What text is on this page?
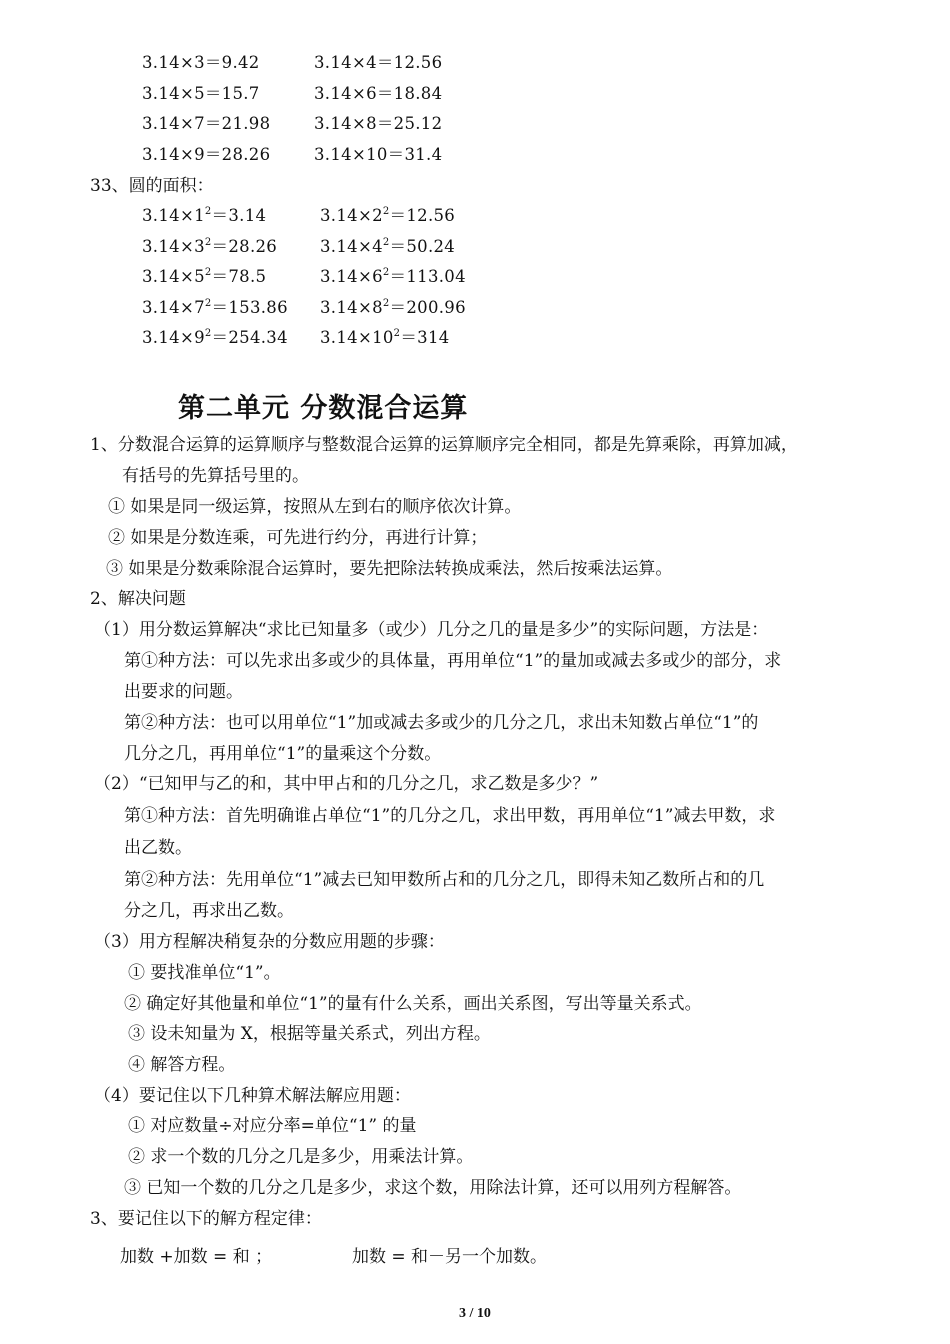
3.14×3＝9.42	3.14×4＝12.56
3.14×5＝15.7	3.14×6＝18.84
3.14×7＝21.98	3.14×8＝25.12
3.14×9＝28.26	3.14×10＝31.4
33、圆的面积：
$3.14\times 1^2=3.14$	$3.14\times 2^2=12.56$
$3.14\times 3^2=28.26$	$3.14\times 4^2=50.24$
$3.14\times 5^2=78.5$	$3.14\times 6^2=113.04$
$3.14\times 7^2=153.86$ $3.14\times 8^2=200.96$
$3.14\times 9^2=254.34$ $3.14\times 10^2=314$
第二单元 分数混合运算
1、分数混合运算的运算顺序与整数混合运算的运算顺序完全相同，都是先算乘除，再算加减，
有括号的先算括号里的。
① 如果是同一级运算，按照从左到右的顺序依次计算。
② 如果是分数连乘，可先进行约分，再进行计算；
③ 如果是分数乘除混合运算时，要先把除法转换成乘法，然后按乘法运算。
2、解决问题
（1）用分数运算解决“求比已知量多（或少）几分之几的量是多少”的实际问题，方法是：
第①种方法：可以先求出多或少的具体量，再用单位“1”的量加或减去多或少的部分，求
出要求的问题。
第②种方法：也可以用单位“1”加或减去多或少的几分之几，求出未知数占单位“1”的
几分之几，再用单位“1”的量乘这个分数。
（2）“已知甲与乙的和，其中甲占和的几分之几，求乙数是多少？”
第①种方法：首先明确谁占单位“1”的几分之几，求出甲数，再用单位“1”减去甲数，求
出乙数。
第②种方法：先用单位“1”减去已知甲数所占和的几分之几，即得未知乙数所占和的几
分之几，再求出乙数。
（3）用方程解决稍复杂的分数应用题的步骤：
① 要找准单位“1”。
② 确定好其他量和单位“1”的量有什么关系，画出关系图，写出等量关系式。
③ 设未知量为 X，根据等量关系式，列出方程。
④ 解答方程。
（4）要记住以下几种算术解法解应用题：
① 对应数量÷对应分率=单位“1” 的量
② 求一个数的几分之几是多少，用乘法计算。
③ 已知一个数的几分之几是多少，求这个数，用除法计算，还可以用列方程解答。
3、要记住以下的解方程定律：
加数 +加数 = 和 ；	加数 = 和－另一个加数。
3 / 10
